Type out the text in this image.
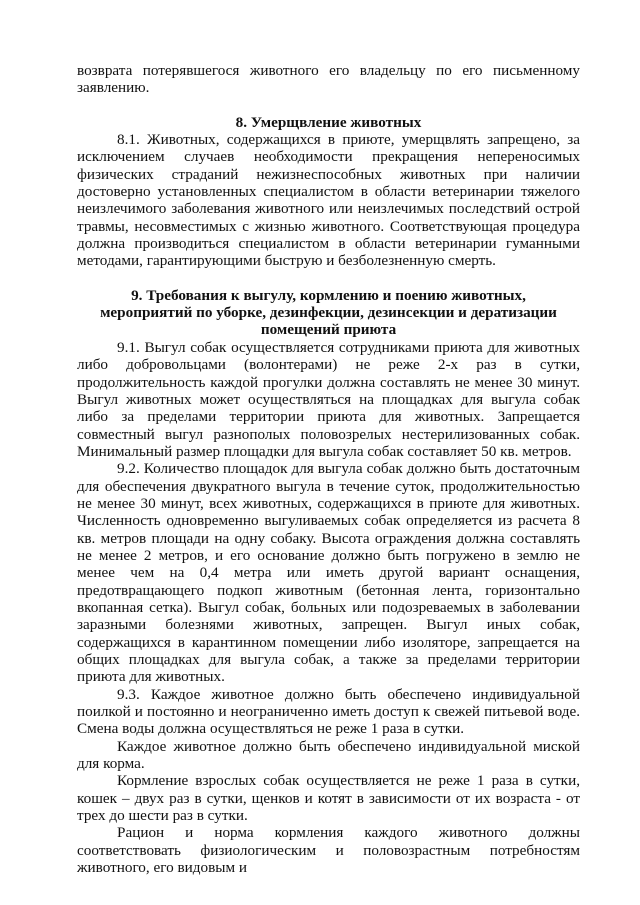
возврата потерявшегося животного его владельцу по его письменному заявлению.

8. Умерщвление животных

8.1. Животных, содержащихся в приюте, умерщвлять запрещено, за исключением случаев необходимости прекращения непереносимых физических страданий нежизнеспособных животных при наличии достоверно установленных специалистом в области ветеринарии тяжелого неизлечимого заболевания животного или неизлечимых последствий острой травмы, несовместимых с жизнью животного. Соответствующая процедура должна производиться специалистом в области ветеринарии гуманными методами, гарантирующими быструю и безболезненную смерть.

9. Требования к выгулу, кормлению и поению животных,
мероприятий по уборке, дезинфекции, дезинсекции и дератизации
помещений приюта

9.1. Выгул собак осуществляется сотрудниками приюта для животных либо добровольцами (волонтерами) не реже 2-х раз в сутки, продолжительность каждой прогулки должна составлять не менее 30 минут. Выгул животных может осуществляться на площадках для выгула собак либо за пределами территории приюта для животных. Запрещается совместный выгул разнополых половозрелых нестерилизованных собак. Минимальный размер площадки для выгула собак составляет 50 кв. метров.

9.2. Количество площадок для выгула собак должно быть достаточным для обеспечения двукратного выгула в течение суток, продолжительностью не менее 30 минут, всех животных, содержащихся в приюте для животных. Численность одновременно выгуливаемых собак определяется из расчета 8 кв. метров площади на одну собаку. Высота ограждения должна составлять не менее 2 метров, и его основание должно быть погружено в землю не менее чем на 0,4 метра или иметь другой вариант оснащения, предотвращающего подкоп животным (бетонная лента, горизонтально вкопанная сетка). Выгул собак, больных или подозреваемых в заболевании заразными болезнями животных, запрещен. Выгул иных собак, содержащихся в карантинном помещении либо изоляторе, запрещается на общих площадках для выгула собак, а также за пределами территории приюта для животных.

9.3. Каждое животное должно быть обеспечено индивидуальной поилкой и постоянно и неограниченно иметь доступ к свежей питьевой воде. Смена воды должна осуществляться не реже 1 раза в сутки.

Каждое животное должно быть обеспечено индивидуальной миской для корма.

Кормление взрослых собак осуществляется не реже 1 раза в сутки, кошек – двух раз в сутки, щенков и котят в зависимости от их возраста - от трех до шести раз в сутки.

Рацион и норма кормления каждого животного должны соответствовать физиологическим и половозрастным потребностям животного, его видовым и
